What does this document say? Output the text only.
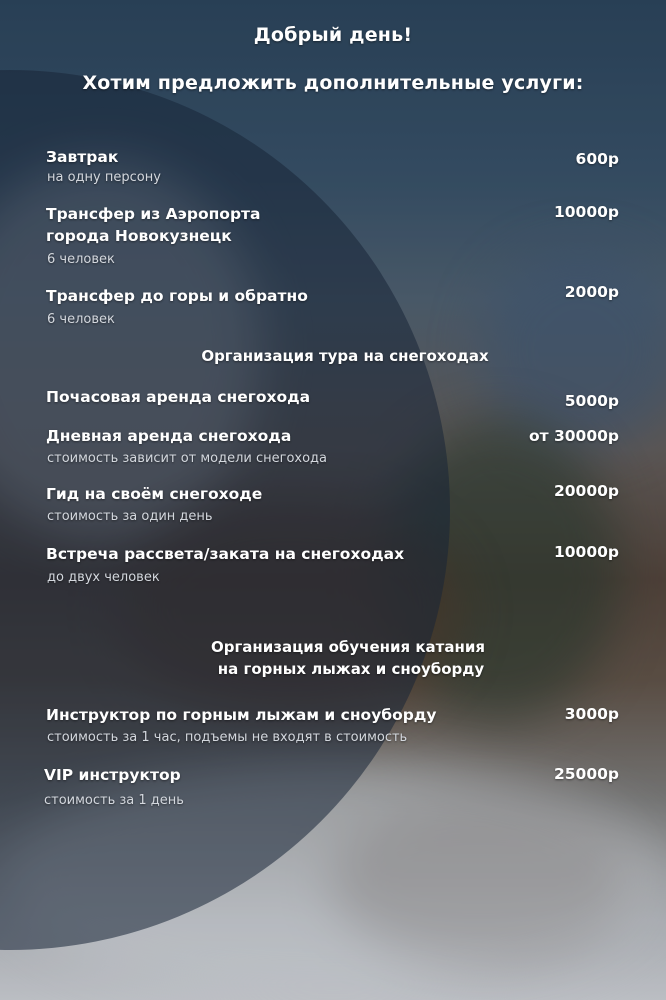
Добрый день!
Хотим предложить дополнительные услуги:
Завтрак
на одну персону
600р
Трансфер из Аэропорта
города Новокузнецк
6 человек
10000р
Трансфер до горы и обратно
6 человек
2000р
Организация тура на снегоходах
Почасовая аренда снегохода	5000р
Дневная аренда снегохода
стоимость зависит от модели снегохода
от 30000р
Гид на своём снегоходе
стоимость за один день
20000р
Встреча рассвета/заката на снегоходах
до двух человек
10000р
Организация обучения катания
на горных лыжах и сноуборду
Инструктор по горным лыжам и сноуборду
стоимость за 1 час, подъемы не входят в стоимость
3000р
VIP инструктор
стоимость за 1 день
25000р
